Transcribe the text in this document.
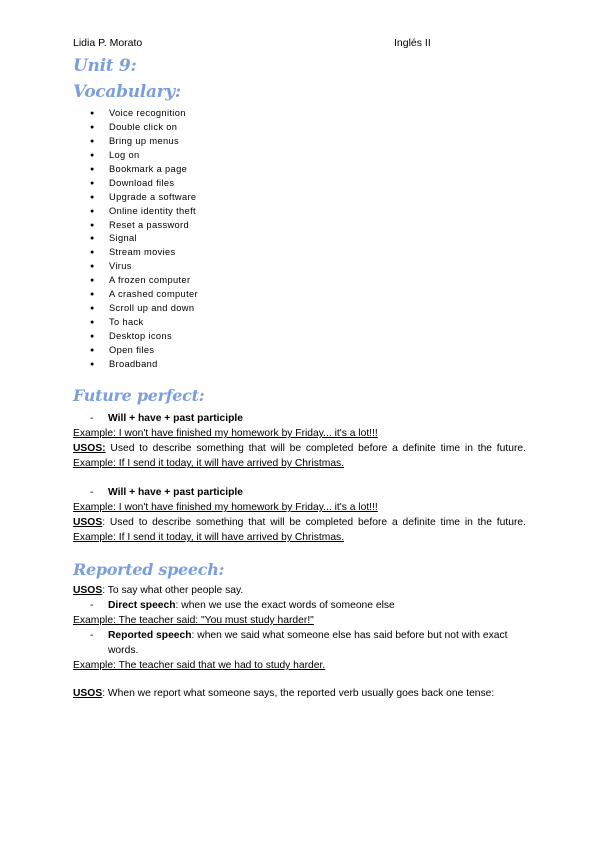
Lidia P. Morato	Inglés II
Unit 9:
Vocabulary:
● Voice recognition
● Double click on
● Bring up menus
● Log on
● Bookmark a page
● Download files
● Upgrade a software
● Online identity theft
● Reset a password
● Signal
● Stream movies
● Virus
● A frozen computer
● A crashed computer
● Scroll up and down
● To hack
● Desktop icons
● Open files
● Broadband
Future perfect:
- Will + have + past participle
Example: I won't have finished my homework by Friday... it's a lot!!!
USOS: Used to describe something that will be completed before a definite time in the future. Example: If I send it today, it will have arrived by Christmas.
- Will + have + past participle
Example: I won't have finished my homework by Friday... it's a lot!!!
USOS: Used to describe something that will be completed before a definite time in the future. Example: If I send it today, it will have arrived by Christmas.
Reported speech:
USOS: To say what other people say.
- Direct speech: when we use the exact words of someone else
Example: The teacher said: "You must study harder!"
- Reported speech: when we said what someone else has said before but not with exact words.
Example: The teacher said that we had to study harder.
USOS: When we report what someone says, the reported verb usually goes back one tense:
